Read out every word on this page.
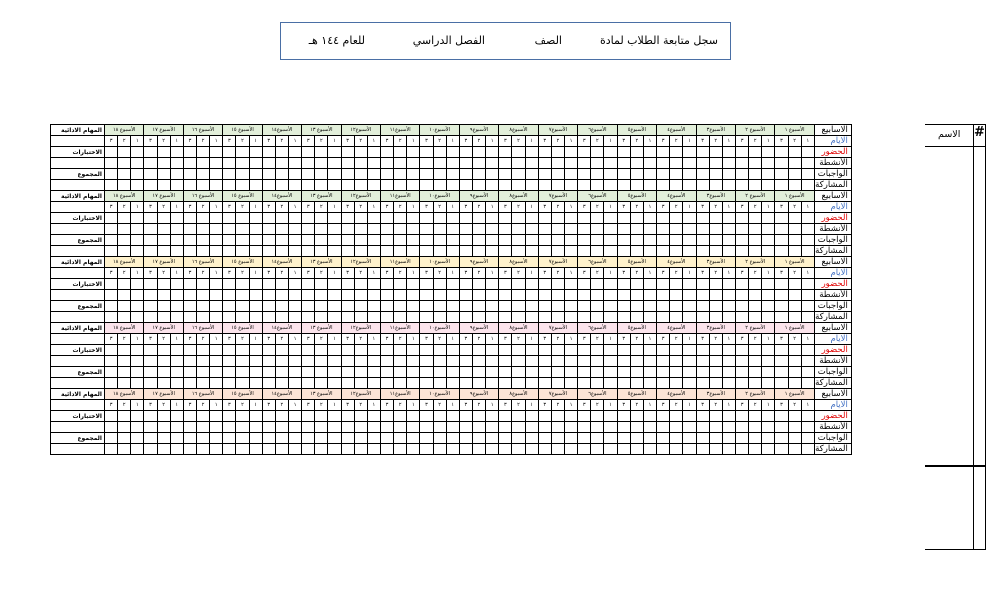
سجل متابعة الطلاب لمادة
الصف
الفصل الدراسي
للعام ١٤٤ هـ
المهام الادائية	الأسبوع ١٨			الأسبوع ١٧			الأسبوع ١٦			الأسبوع ١٥			الأسبوع١٤			الأسبوع ١٣			الأسبوع١٢			الأسبوع١١			الأسبوع١٠			الأسبوع٩			الأسبوع٨			الأسبوع٧			الأسبوع٦			الأسبوع٥			الأسبوع٤			الأسبوع٣			الأسبوع ٢			الأسبوع ١			الاسابيع
	٣	٢	١	٣	٢	١	٣	٢	١	٣	٢	١	٣	٢	١	٣	٢	١	٣	٢	١	٣	٢	١	٣	٢	١	٣	٢	١	٣	٢	١	٣	٢	١	٣	٢	١	٣	٢	١	٣	٢	١	٣	٢	١	٣	٢	١	٣	٢	١	الايام
الاختبارات																																																							الحضور
																																																							الأنشطة
المجموع																																																							الواجبات
																																																							المشاركة
المهام الادائية	الأسبوع ١٨			الأسبوع ١٧			الأسبوع ١٦			الأسبوع ١٥			الأسبوع١٤			الأسبوع ١٣			الأسبوع١٢			الأسبوع١١			الأسبوع١٠			الأسبوع٩			الأسبوع٨			الأسبوع٧			الأسبوع٦			الأسبوع٥			الأسبوع٤			الأسبوع٣			الأسبوع ٢			الأسبوع ١			الاسابيع
	٣	٢	١	٣	٢	١	٣	٢	١	٣	٢	١	٣	٢	١	٣	٢	١	٣	٢	١	٣	٢	١	٣	٢	١	٣	٢	١	٣	٢	١	٣	٢	١	٣	٢	١	٣	٢	١	٣	٢	١	٣	٢	١	٣	٢	١	٣	٢	١	الايام
الاختبارات																																																							الحضور
																																																							الأنشطة
المجموع																																																							الواجبات
																																																							المشاركة
المهام الادائية	الأسبوع ١٨			الأسبوع ١٧			الأسبوع ١٦			الأسبوع ١٥			الأسبوع١٤			الأسبوع ١٣			الأسبوع١٢			الأسبوع١١			الأسبوع١٠			الأسبوع٩			الأسبوع٨			الأسبوع٧			الأسبوع٦			الأسبوع٥			الأسبوع٤			الأسبوع٣			الأسبوع ٢			الأسبوع ١			الاسابيع
	٣	٢	١	٣	٢	١	٣	٢	١	٣	٢	١	٣	٢	١	٣	٢	١	٣	٢	١	٣	٢	١	٣	٢	١	٣	٢	١	٣	٢	١	٣	٢	١	٣	٢	١	٣	٢	١	٣	٢	١	٣	٢	١	٣	٢	١	٣	٢	١	الايام
الاختبارات																																																							الحضور
																																																							الأنشطة
المجموع																																																							الواجبات
																																																							المشاركة
المهام الادائية	الأسبوع ١٨			الأسبوع ١٧			الأسبوع ١٦			الأسبوع ١٥			الأسبوع١٤			الأسبوع ١٣			الأسبوع١٢			الأسبوع١١			الأسبوع١٠			الأسبوع٩			الأسبوع٨			الأسبوع٧			الأسبوع٦			الأسبوع٥			الأسبوع٤			الأسبوع٣			الأسبوع ٢			الأسبوع ١			الاسابيع
	٣	٢	١	٣	٢	١	٣	٢	١	٣	٢	١	٣	٢	١	٣	٢	١	٣	٢	١	٣	٢	١	٣	٢	١	٣	٢	١	٣	٢	١	٣	٢	١	٣	٢	١	٣	٢	١	٣	٢	١	٣	٢	١	٣	٢	١	٣	٢	١	الايام
الاختبارات																																																							الحضور
																																																							الأنشطة
المجموع																																																							الواجبات
																																																							المشاركة
المهام الادائية	الأسبوع ١٨			الأسبوع ١٧			الأسبوع ١٦			الأسبوع ١٥			الأسبوع١٤			الأسبوع ١٣			الأسبوع١٢			الأسبوع١١			الأسبوع١٠			الأسبوع٩			الأسبوع٨			الأسبوع٧			الأسبوع٦			الأسبوع٥			الأسبوع٤			الأسبوع٣			الأسبوع ٢			الأسبوع ١			الاسابيع
	٣	٢	١	٣	٢	١	٣	٢	١	٣	٢	١	٣	٢	١	٣	٢	١	٣	٢	١	٣	٢	١	٣	٢	١	٣	٢	١	٣	٢	١	٣	٢	١	٣	٢	١	٣	٢	١	٣	٢	١	٣	٢	١	٣	٢	١	٣	٢	١	الايام
الاختبارات																																																							الحضور
																																																							الأنشطة
المجموع																																																							الواجبات
																																																							المشاركة
الاسم #
